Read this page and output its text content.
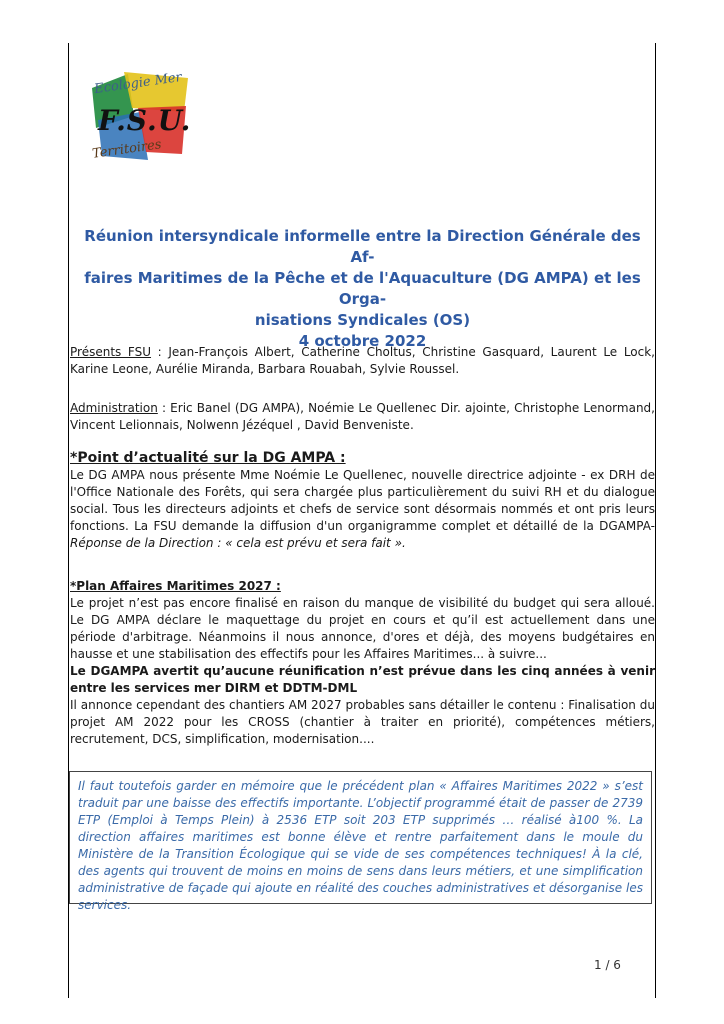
Ecologie Mer
F.S.U.
Territoires
Réunion intersyndicale informelle entre la Direction Générale des Af-
faires Maritimes de la Pêche et de l'Aquaculture (DG AMPA) et les Orga-
nisations Syndicales (OS)

4 octobre 2022
Présents FSU : Jean-François Albert, Catherine Choltus, Christine Gasquard, Laurent Le Lock, Karine Leone, Aurélie Miranda, Barbara Rouabah, Sylvie Roussel.
Administration : Eric Banel (DG AMPA), Noémie Le Quellenec Dir. ajointe, Christophe Lenormand, Vincent Lelionnais, Nolwenn Jézéquel , David Benveniste.
*Point d’actualité sur la DG AMPA :
Le DG AMPA nous présente Mme Noémie Le Quellenec, nouvelle directrice adjointe - ex DRH de l'Office Nationale des Forêts, qui sera chargée plus particulièrement du suivi RH et du dialogue social. Tous les directeurs adjoints et chefs de service sont désormais nommés et ont pris leurs fonctions. La FSU demande la diffusion d'un organigramme complet et détaillé de la DGAMPA- Réponse de la Direction : « cela est prévu et sera fait ».
*Plan Affaires Maritimes 2027 :
Le projet n’est pas encore finalisé en raison du manque de visibilité du budget qui sera alloué. Le DG AMPA déclare le maquettage du projet en cours et qu’il est actuellement dans une période d'arbitrage. Néanmoins il nous annonce, d'ores et déjà, des moyens budgétaires en hausse et une stabilisation des effectifs pour les Affaires Maritimes... à suivre...
Le DGAMPA avertit qu’aucune réunification n’est prévue dans les cinq années à venir entre les services mer DIRM et DDTM-DML
Il annonce cependant des chantiers AM 2027 probables sans détailler le contenu : Finalisation du projet AM 2022 pour les CROSS (chantier à traiter en priorité), compétences métiers, recrutement, DCS, simplification, modernisation....
Il faut toutefois garder en mémoire que le précédent plan « Affaires Maritimes 2022 » s’est traduit par une baisse des effectifs importante. L’objectif programmé était de passer de 2739 ETP (Emploi à Temps Plein) à 2536 ETP soit 203 ETP supprimés … réalisé à100 %. La direction affaires maritimes est bonne élève et rentre parfaitement dans le moule du Ministère de la Transition Écologique qui se vide de ses compétences techniques! À la clé, des agents qui trouvent de moins en moins de sens dans leurs métiers, et une simplification administrative de façade qui ajoute en réalité des couches administratives et désorganise les services.
1 / 6
